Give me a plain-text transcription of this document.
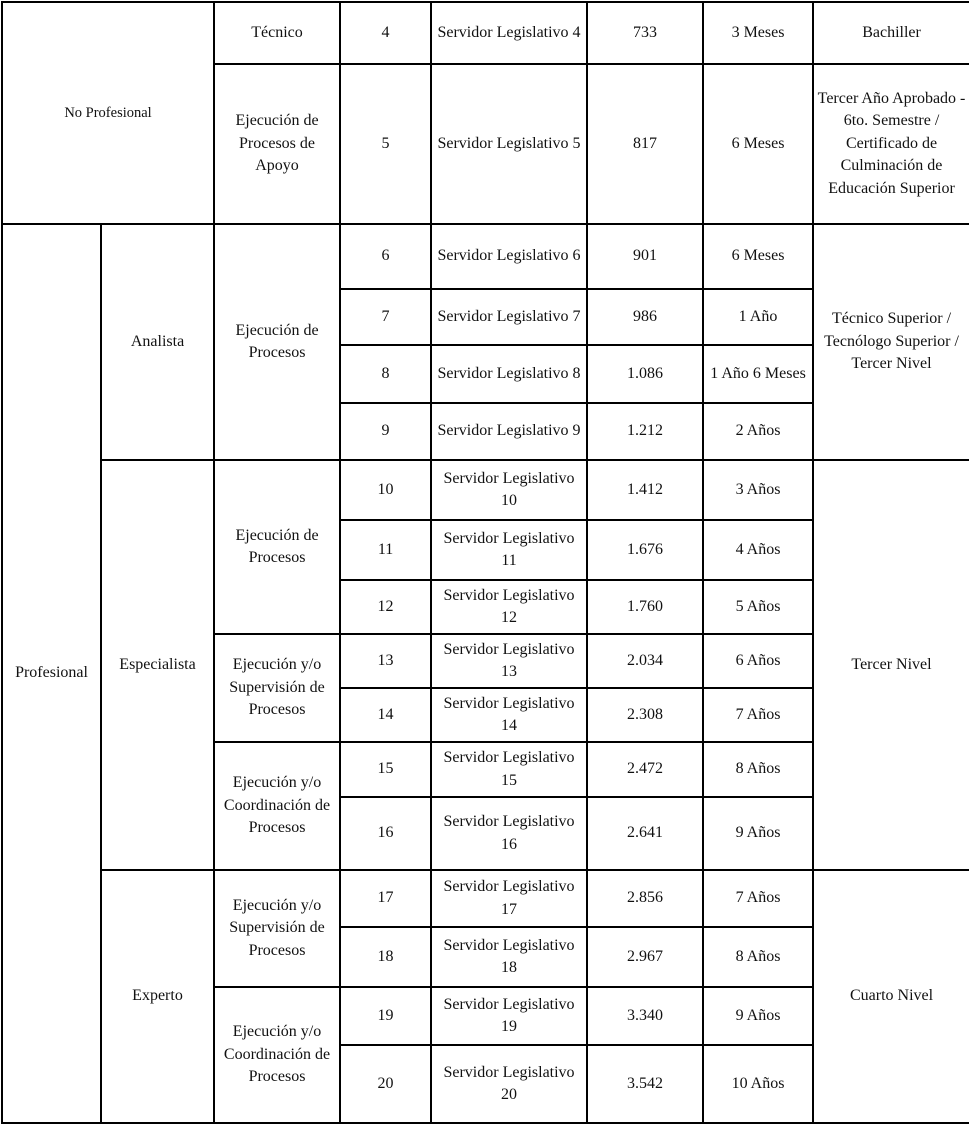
No Profesional		Técnico	4	Servidor Legislativo 4	733	3 Meses	Bachiller
		Ejecución de Procesos de Apoyo	5	Servidor Legislativo 5	817	6 Meses	Tercer Año Aprobado - 6to. Semestre / Certificado de Culminación de Educación Superior
Profesional	Analista	Ejecución de Procesos	6	Servidor Legislativo 6	901	6 Meses	Técnico Superior / Tecnólogo Superior / Tercer Nivel
			7	Servidor Legislativo 7	986	1 Año	
			8	Servidor Legislativo 8	1.086	1 Año 6 Meses	
			9	Servidor Legislativo 9	1.212	2 Años	
	Especialista	Ejecución de Procesos	10	Servidor Legislativo 10	1.412	3 Años	Tercer Nivel
			11	Servidor Legislativo 11	1.676	4 Años	
			12	Servidor Legislativo 12	1.760	5 Años	
		Ejecución y/o Supervisión de Procesos	13	Servidor Legislativo 13	2.034	6 Años	
			14	Servidor Legislativo 14	2.308	7 Años	
		Ejecución y/o Coordinación de Procesos	15	Servidor Legislativo 15	2.472	8 Años	
			16	Servidor Legislativo 16	2.641	9 Años	
	Experto	Ejecución y/o Supervisión de Procesos	17	Servidor Legislativo 17	2.856	7 Años	Cuarto Nivel
			18	Servidor Legislativo 18	2.967	8 Años	
		Ejecución y/o Coordinación de Procesos	19	Servidor Legislativo 19	3.340	9 Años	
			20	Servidor Legislativo 20	3.542	10 Años	
